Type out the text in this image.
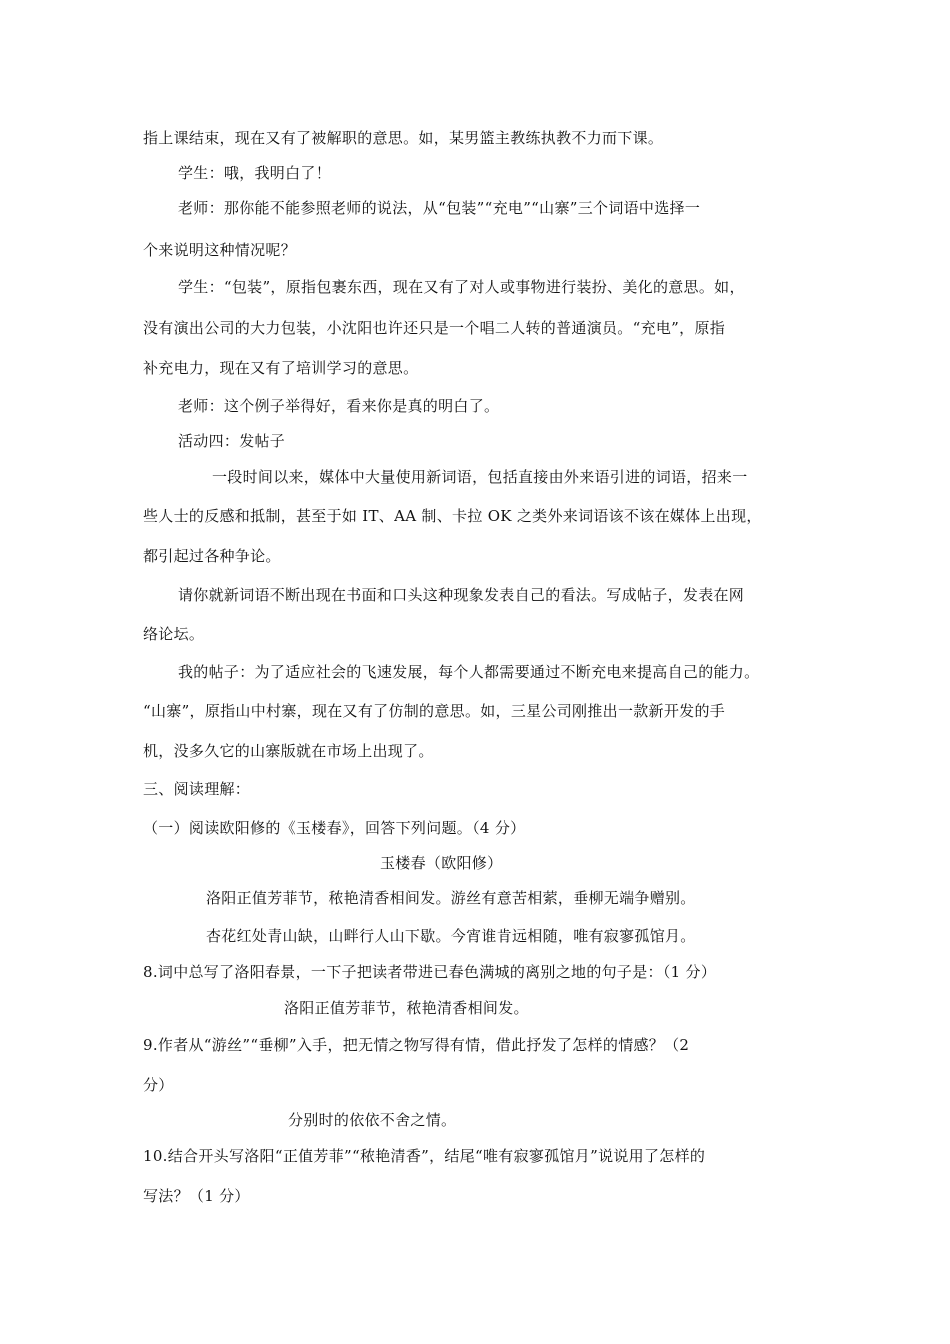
指上课结束，现在又有了被解职的意思。如，某男篮主教练执教不力而下课。
学生：哦，我明白了！
老师：那你能不能参照老师的说法，从“包装”“充电”“山寨”三个词语中选择一
个来说明这种情况呢？
学生：“包装”，原指包裹东西，现在又有了对人或事物进行装扮、美化的意思。如，
没有演出公司的大力包装，小沈阳也许还只是一个唱二人转的普通演员。“充电”，原指
补充电力，现在又有了培训学习的意思。
老师：这个例子举得好，看来你是真的明白了。
活动四：发帖子
一段时间以来，媒体中大量使用新词语，包括直接由外来语引进的词语，招来一
些人士的反感和抵制，甚至于如 IT、AA 制、卡拉 OK 之类外来词语该不该在媒体上出现，
都引起过各种争论。
请你就新词语不断出现在书面和口头这种现象发表自己的看法。写成帖子，发表在网
络论坛。
我的帖子：为了适应社会的飞速发展，每个人都需要通过不断充电来提高自己的能力。
“山寨”，原指山中村寨，现在又有了仿制的意思。如，三星公司刚推出一款新开发的手
机，没多久它的山寨版就在市场上出现了。
三、阅读理解：
（一）阅读欧阳修的《玉楼春》，回答下列问题。（4 分）
玉楼春（欧阳修）
洛阳正值芳菲节，秾艳清香相间发。游丝有意苦相萦，垂柳无端争赠别。
杏花红处青山缺，山畔行人山下歇。今宵谁肯远相随，唯有寂寥孤馆月。
8.词中总写了洛阳春景，一下子把读者带进已春色满城的离别之地的句子是：（1 分）
洛阳正值芳菲节，秾艳清香相间发。
9.作者从“游丝”“垂柳”入手，把无情之物写得有情，借此抒发了怎样的情感？（2
分）
分别时的依依不舍之情。
10.结合开头写洛阳“正值芳菲”“秾艳清香”，结尾“唯有寂寥孤馆月”说说用了怎样的
写法？（1 分）
